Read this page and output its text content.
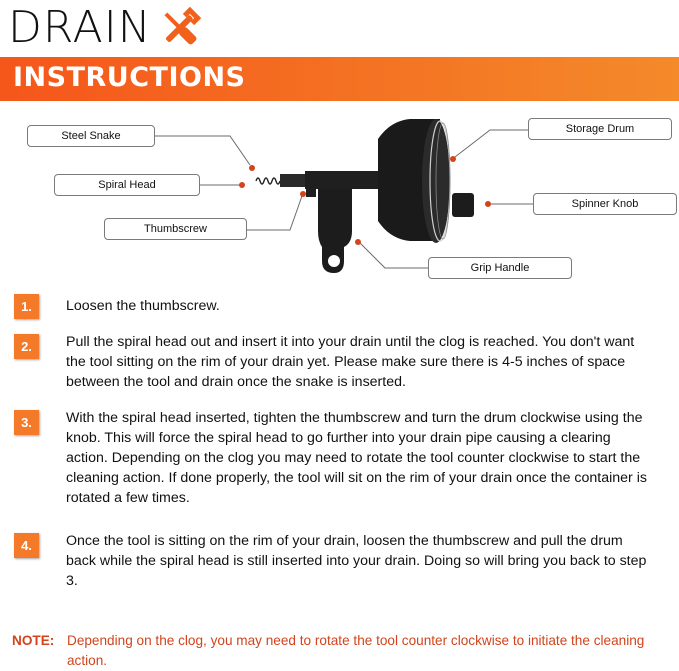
DRAIN
INSTRUCTIONS
Steel Snake
Spiral Head
Thumbscrew
Storage Drum
Spinner Knob
Grip Handle
1.	Loosen the thumbscrew.
2.	Pull the spiral head out and insert it into your drain until the clog is reached. You don't want the tool sitting on the rim of your drain yet. Please make sure there is 4-5 inches of space between the tool and drain once the snake is inserted.
3.	With the spiral head inserted, tighten the thumbscrew and turn the drum clockwise using the knob. This will force the spiral head to go further into your drain pipe causing a clearing action. Depending on the clog you may need to rotate the tool counter clockwise to start the cleaning action. If done properly, the tool will sit on the rim of your drain once the container is rotated a few times.
4.	Once the tool is sitting on the rim of your drain, loosen the thumbscrew and pull the drum back while the spiral head is still inserted into your drain. Doing so will bring you back to step 3.
NOTE: Depending on the clog, you may need to rotate the tool counter clockwise to initiate the cleaning action.
